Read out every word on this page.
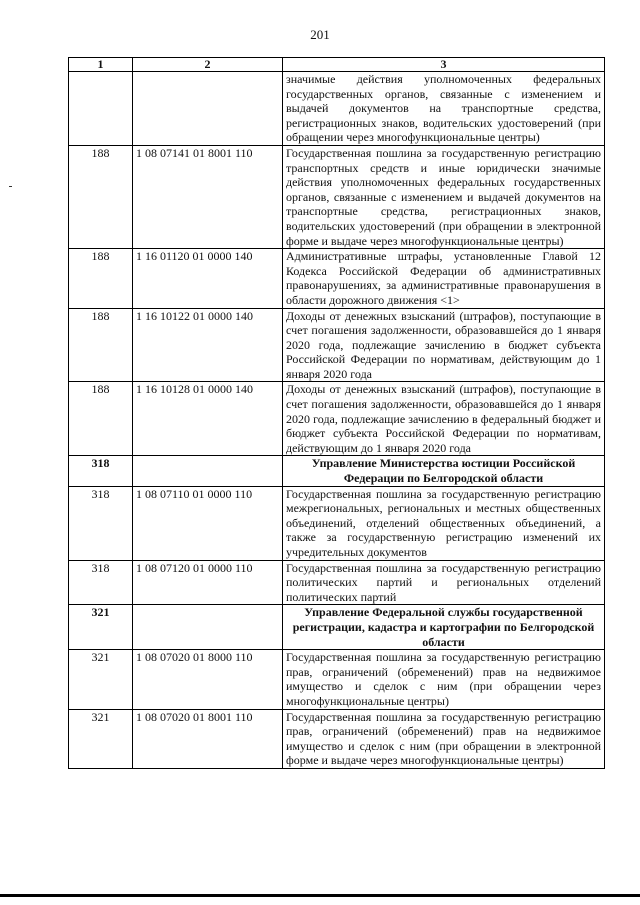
201
1	2	3
		значимые действия уполномоченных федеральных государственных органов, связанные с изменением и выдачей документов на транспортные средства, регистрационных знаков, водительских удостоверений (при обращении через многофункциональные центры)
188	1 08 07141 01 8001 110	Государственная пошлина за государственную регистрацию транспортных средств и иные юридически значимые действия уполномоченных федеральных государственных органов, связанные с изменением и выдачей документов на транспортные средства, регистрационных знаков, водительских удостоверений (при обращении в электронной форме и выдаче через многофункциональные центры)
188	1 16 01120 01 0000 140	Административные штрафы, установленные Главой 12 Кодекса Российской Федерации об административных правонарушениях, за административные правонарушения в области дорожного движения <1>
188	1 16 10122 01 0000 140	Доходы от денежных взысканий (штрафов), поступающие в счет погашения задолженности, образовавшейся до 1 января 2020 года, подлежащие зачислению в бюджет субъекта Российской Федерации по нормативам, действующим до 1 января 2020 года
188	1 16 10128 01 0000 140	Доходы от денежных взысканий (штрафов), поступающие в счет погашения задолженности, образовавшейся до 1 января 2020 года, подлежащие зачислению в федеральный бюджет и бюджет субъекта Российской Федерации по нормативам, действующим до 1 января 2020 года
318		Управление Министерства юстиции Российской Федерации по Белгородской области
318	1 08 07110 01 0000 110	Государственная пошлина за государственную регистрацию межрегиональных, региональных и местных общественных объединений, отделений общественных объединений, а также за государственную регистрацию изменений их учредительных документов
318	1 08 07120 01 0000 110	Государственная пошлина за государственную регистрацию политических партий и региональных отделений политических партий
321		Управление Федеральной службы государственной регистрации, кадастра и картографии по Белгородской области
321	1 08 07020 01 8000 110	Государственная пошлина за государственную регистрацию прав, ограничений (обременений) прав на недвижимое имущество и сделок с ним (при обращении через многофункциональные центры)
321	1 08 07020 01 8001 110	Государственная пошлина за государственную регистрацию прав, ограничений (обременений) прав на недвижимое имущество и сделок с ним (при обращении в электронной форме и выдаче через многофункциональные центры)
